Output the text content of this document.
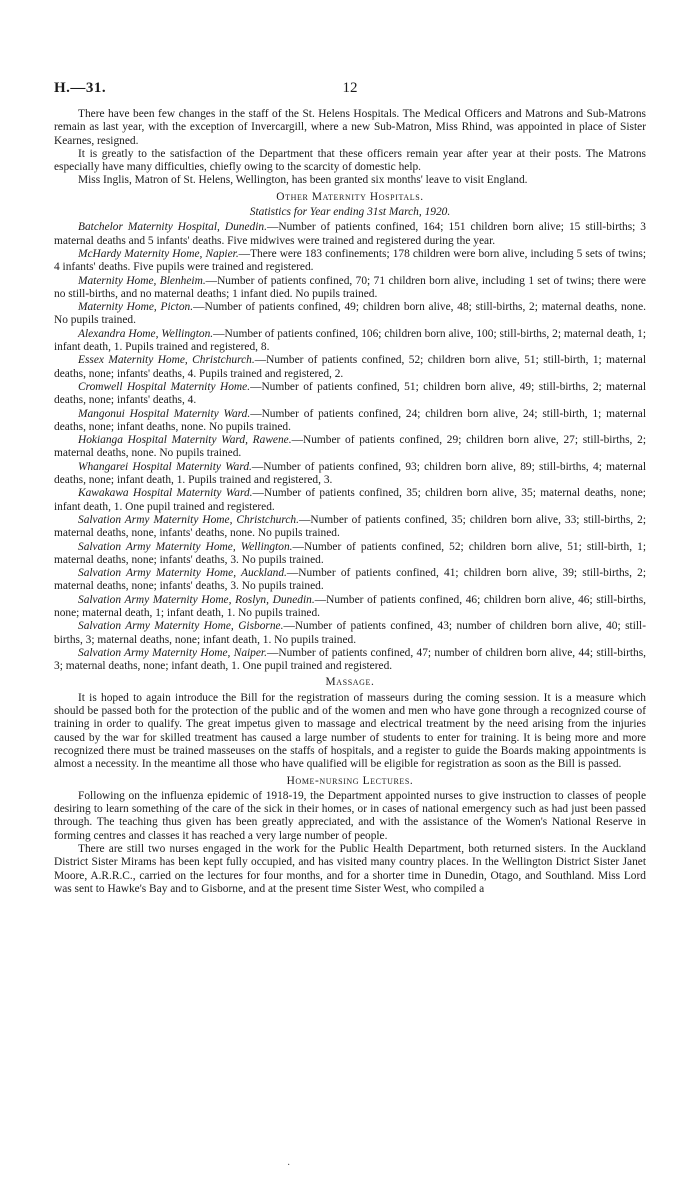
H.—31.	12

There have been few changes in the staff of the St. Helens Hospitals. The Medical Officers and Matrons and Sub-Matrons remain as last year, with the exception of Invercargill, where a new Sub-Matron, Miss Rhind, was appointed in place of Sister Kearnes, resigned.

It is greatly to the satisfaction of the Department that these officers remain year after year at their posts. The Matrons especially have many difficulties, chiefly owing to the scarcity of domestic help.

Miss Inglis, Matron of St. Helens, Wellington, has been granted six months' leave to visit England.

Other Maternity Hospitals.
Statistics for Year ending 31st March, 1920.

Batchelor Maternity Hospital, Dunedin.—Number of patients confined, 164; 151 children born alive; 15 still-births; 3 maternal deaths and 5 infants' deaths. Five midwives were trained and registered during the year.

McHardy Maternity Home, Napier.—There were 183 confinements; 178 children were born alive, including 5 sets of twins; 4 infants' deaths. Five pupils were trained and registered.

Maternity Home, Blenheim.—Number of patients confined, 70; 71 children born alive, including 1 set of twins; there were no still-births, and no maternal deaths; 1 infant died. No pupils trained.

Maternity Home, Picton.—Number of patients confined, 49; children born alive, 48; still-births, 2; maternal deaths, none. No pupils trained.

Alexandra Home, Wellington.—Number of patients confined, 106; children born alive, 100; still-births, 2; maternal death, 1; infant death, 1. Pupils trained and registered, 8.

Essex Maternity Home, Christchurch.—Number of patients confined, 52; children born alive, 51; still-birth, 1; maternal deaths, none; infants' deaths, 4. Pupils trained and registered, 2.

Cromwell Hospital Maternity Home.—Number of patients confined, 51; children born alive, 49; still-births, 2; maternal deaths, none; infants' deaths, 4.

Mangonui Hospital Maternity Ward.—Number of patients confined, 24; children born alive, 24; still-birth, 1; maternal deaths, none; infant deaths, none. No pupils trained.

Hokianga Hospital Maternity Ward, Rawene.—Number of patients confined, 29; children born alive, 27; still-births, 2; maternal deaths, none. No pupils trained.

Whangarei Hospital Maternity Ward.—Number of patients confined, 93; children born alive, 89; still-births, 4; maternal deaths, none; infant death, 1. Pupils trained and registered, 3.

Kawakawa Hospital Maternity Ward.—Number of patients confined, 35; children born alive, 35; maternal deaths, none; infant death, 1. One pupil trained and registered.

Salvation Army Maternity Home, Christchurch.—Number of patients confined, 35; children born alive, 33; still-births, 2; maternal deaths, none, infants' deaths, none. No pupils trained.

Salvation Army Maternity Home, Wellington.—Number of patients confined, 52; children born alive, 51; still-birth, 1; maternal deaths, none; infants' deaths, 3. No pupils trained.

Salvation Army Maternity Home, Auckland.—Number of patients confined, 41; children born alive, 39; still-births, 2; maternal deaths, none; infants' deaths, 3. No pupils trained.

Salvation Army Maternity Home, Roslyn, Dunedin.—Number of patients confined, 46; children born alive, 46; still-births, none; maternal death, 1; infant death, 1. No pupils trained.

Salvation Army Maternity Home, Gisborne.—Number of patients confined, 43; number of children born alive, 40; still-births, 3; maternal deaths, none; infant death, 1. No pupils trained.

Salvation Army Maternity Home, Naiper.—Number of patients confined, 47; number of children born alive, 44; still-births, 3; maternal deaths, none; infant death, 1. One pupil trained and registered.

Massage.

It is hoped to again introduce the Bill for the registration of masseurs during the coming session. It is a measure which should be passed both for the protection of the public and of the women and men who have gone through a recognized course of training in order to qualify. The great impetus given to massage and electrical treatment by the need arising from the injuries caused by the war for skilled treatment has caused a large number of students to enter for training. It is being more and more recognized there must be trained masseuses on the staffs of hospitals, and a register to guide the Boards making appointments is almost a necessity. In the meantime all those who have qualified will be eligible for registration as soon as the Bill is passed.

Home-nursing Lectures.

Following on the influenza epidemic of 1918-19, the Department appointed nurses to give instruction to classes of people desiring to learn something of the care of the sick in their homes, or in cases of national emergency such as had just been passed through. The teaching thus given has been greatly appreciated, and with the assistance of the Women's National Reserve in forming centres and classes it has reached a very large number of people.

There are still two nurses engaged in the work for the Public Health Department, both returned sisters. In the Auckland District Sister Mirams has been kept fully occupied, and has visited many country places. In the Wellington District Sister Janet Moore, A.R.R.C., carried on the lectures for four months, and for a shorter time in Dunedin, Otago, and Southland. Miss Lord was sent to Hawke's Bay and to Gisborne, and at the present time Sister West, who compiled a

·
